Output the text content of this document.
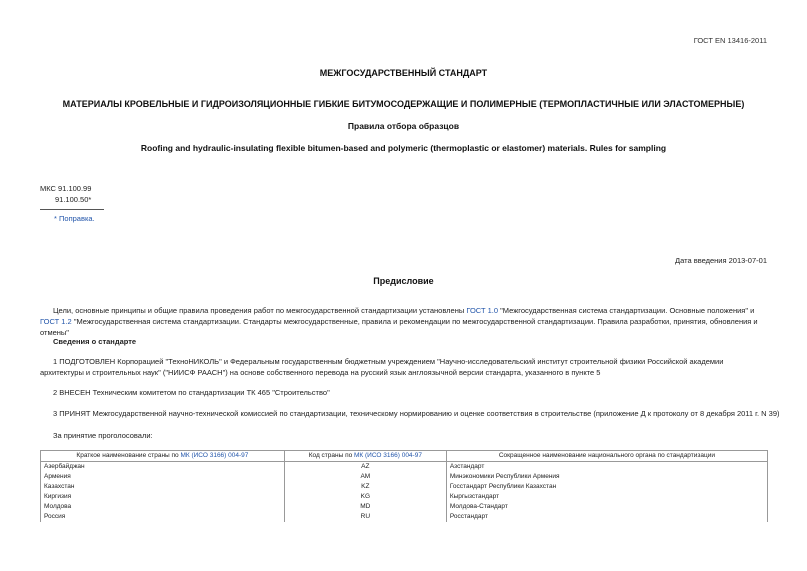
ГОСТ EN 13416-2011
МЕЖГОСУДАРСТВЕННЫЙ СТАНДАРТ
МАТЕРИАЛЫ КРОВЕЛЬНЫЕ И ГИДРОИЗОЛЯЦИОННЫЕ ГИБКИЕ БИТУМОСОДЕРЖАЩИЕ И ПОЛИМЕРНЫЕ (ТЕРМОПЛАСТИЧНЫЕ ИЛИ ЭЛАСТОМЕРНЫЕ)
Правила отбора образцов
Roofing and hydraulic-insulating flexible bitumen-based and polymeric (thermoplastic or elastomer) materials. Rules for sampling
МКС 91.100.99
91.100.50*
* Поправка.
Дата введения 2013-07-01
Предисловие
Цели, основные принципы и общие правила проведения работ по межгосударственной стандартизации установлены ГОСТ 1.0 "Межгосударственная система стандартизации. Основные положения" и ГОСТ 1.2 "Межгосударственная система стандартизации. Стандарты межгосударственные, правила и рекомендации по межгосударственной стандартизации. Правила разработки, принятия, обновления и отмены"
Сведения о стандарте
1 ПОДГОТОВЛЕН Корпорацией "ТехноНИКОЛЬ" и Федеральным государственным бюджетным учреждением "Научно-исследовательский институт строительной физики Российской академии архитектуры и строительных наук" ("НИИСФ РААСН") на основе собственного перевода на русский язык англоязычной версии стандарта, указанного в пункте 5
2 ВНЕСЕН Техническим комитетом по стандартизации ТК 465 "Строительство"
3 ПРИНЯТ Межгосударственной научно-технической комиссией по стандартизации, техническому нормированию и оценке соответствия в строительстве (приложение Д к протоколу от 8 декабря 2011 г. N 39)
За принятие проголосовали:
Краткое наименование страны по МК (ИСО 3166) 004-97	Код страны по МК (ИСО 3166) 004-97	Сокращенное наименование национального органа по стандартизации
Азербайджан	AZ	Азстандарт
Армения	AM	Минэкономики Республики Армения
Казахстан	KZ	Госстандарт Республики Казахстан
Киргизия	KG	Кыргызстандарт
Молдова	MD	Молдова-Стандарт
Россия	RU	Росстандарт
